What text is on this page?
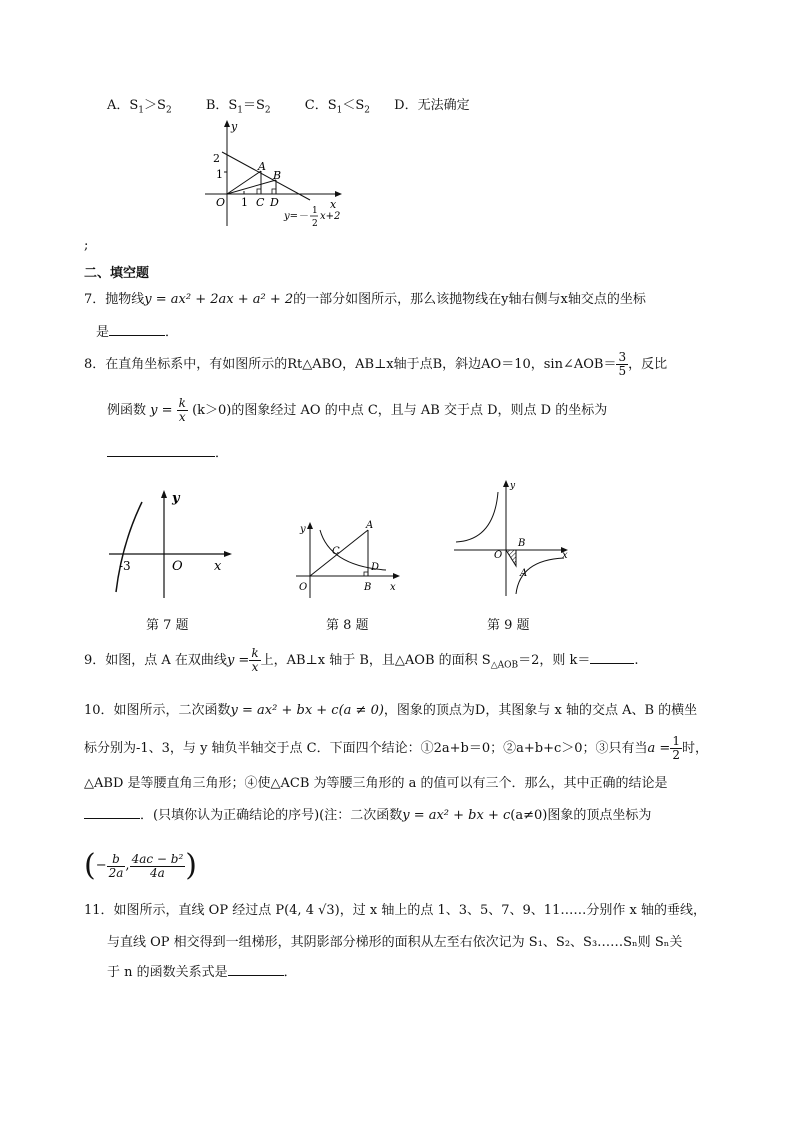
A．$S_1>S_2$	B．$S_1=S_2$	C．$S_1<S_2$ D．无法确定
y
x
O
2
1
1
A
B
C D
y=－ 1
2
x+2
;
二、填空题
7．抛物线y = ax² + 2ax + a² + 2的一部分如图所示，那么该抛物线在y轴右侧与x轴交点的坐标
是	．
8．在直角坐标系中，有如图所示的Rt△ABO，AB⊥x轴于点B，斜边AO＝10，sin∠AOB＝ $\frac{3}{5}$ ，反比
例函数 $y = \frac{k}{x} (k>0)$的图象经过 AO 的中点 C，且与 AB 交于点 D，则点 D 的坐标为
．
y
x
O
-3
第 7 题
y
x
O
A
B
C
D
第 8 题
y
x
O
B
A
第 9 题
9．如图，点 A 在双曲线$y = \frac{k}{x}$ 上，AB⊥x 轴于 B，且△AOB 的面积 $S_{\triangle AOB}=2$，则 k＝	.
10．如图所示，二次函数y = ax² + bx + c(a ≠ 0)，图象的顶点为D，其图象与 x 轴的交点 A、B 的横坐
标分别为-1、3，与 y 轴负半轴交于点 C．下面四个结论：①2a+b＝0；②a+b+c＞0；③只有当$a = \frac{1}{2}$ 时，
△ABD 是等腰直角三角形；④使△ACB 为等腰三角形的 a 的值可以有三个．那么，其中正确的结论是
．(只填你认为正确结论的序号)(注：二次函数y = ax² + bx + c(a≠0)图象的顶点坐标为
(− $\frac{b}{2a}$ , $\frac{\text{4ac − b²}}{4a}$ )
11．如图所示，直线 OP 经过点 P(4, 4 √3)，过 x 轴上的点 1、3、5、7、9、11……分别作 x 轴的垂线，
与直线 OP 相交得到一组梯形，其阴影部分梯形的面积从左至右依次记为 S₁、S₂、S₃……Sₙ则 Sₙ关
于 n 的函数关系式是	．
